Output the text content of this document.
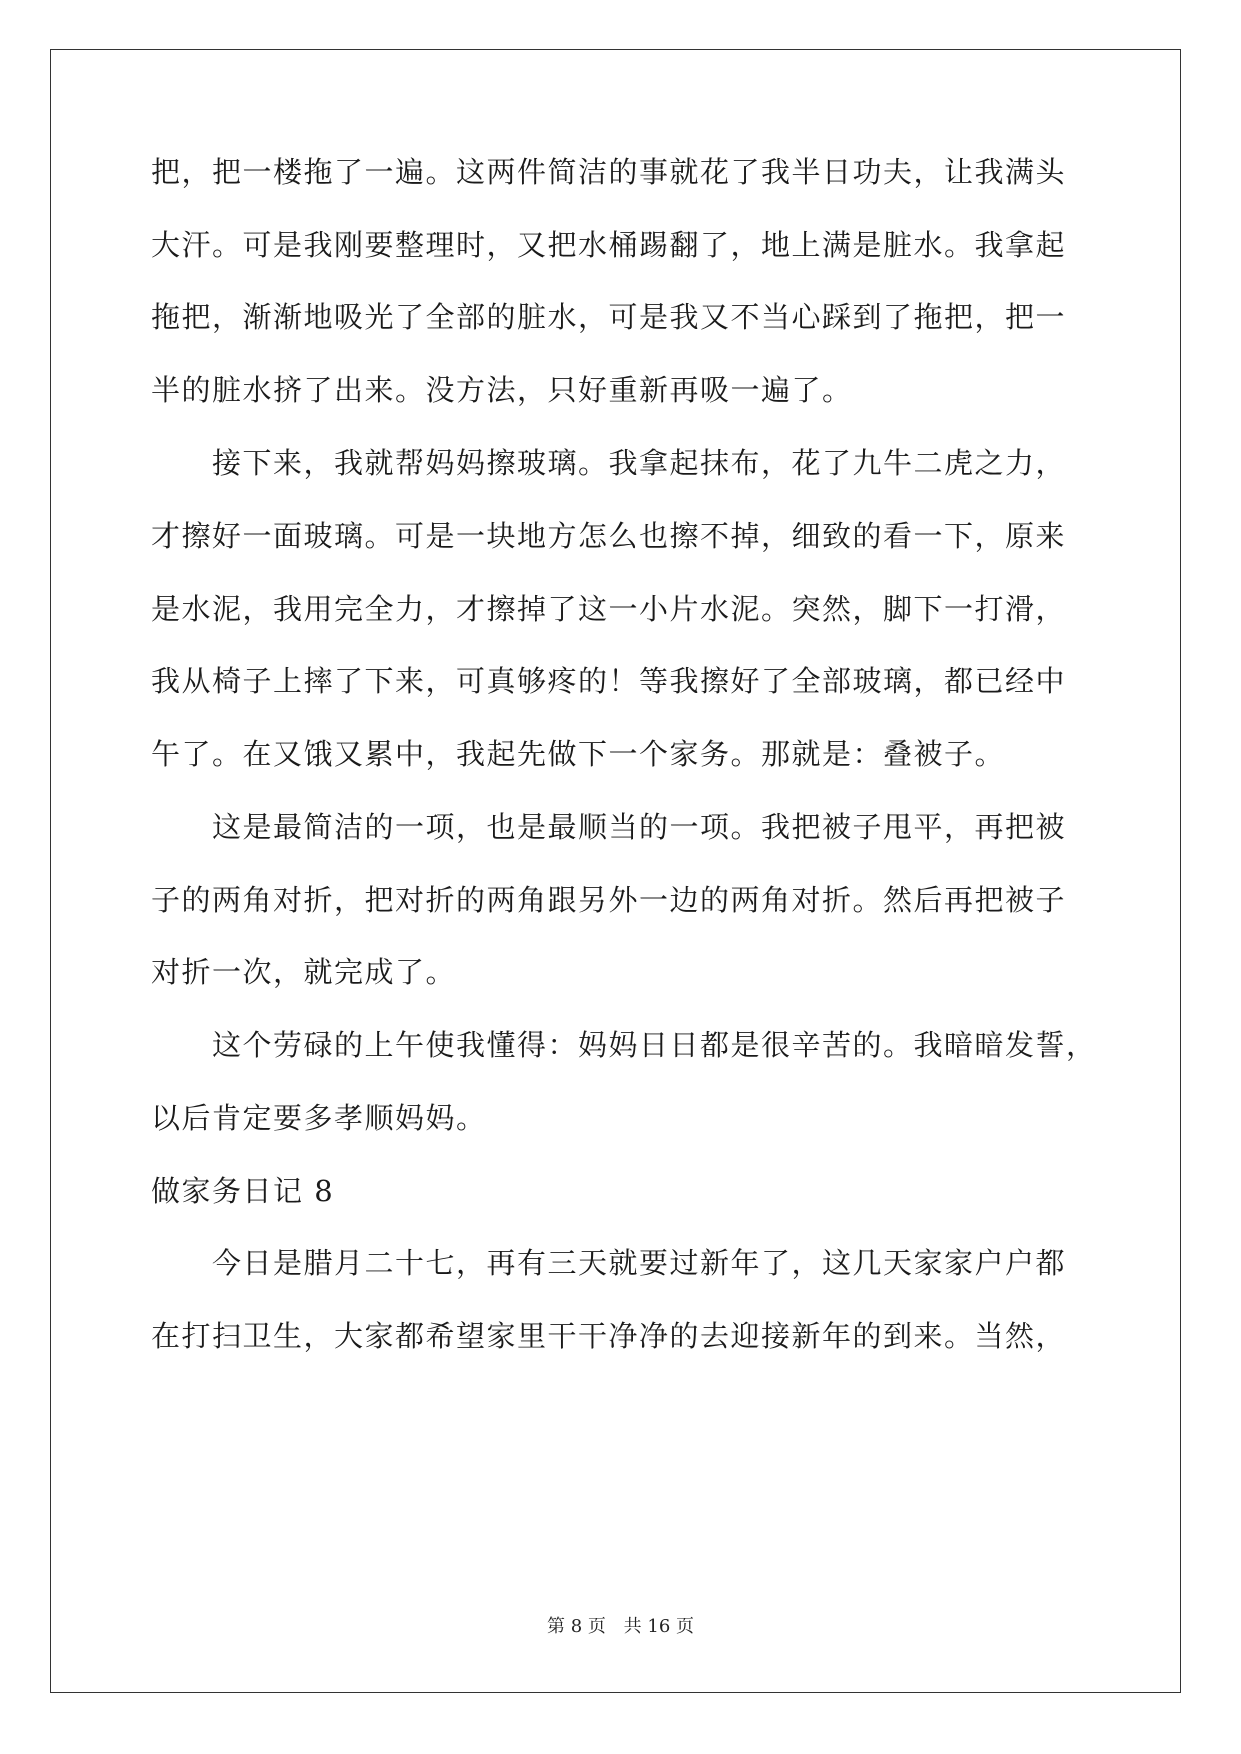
把，把一楼拖了一遍。这两件简洁的事就花了我半日功夫，让我满头
大汗。可是我刚要整理时，又把水桶踢翻了，地上满是脏水。我拿起
拖把，渐渐地吸光了全部的脏水，可是我又不当心踩到了拖把，把一
半的脏水挤了出来。没方法，只好重新再吸一遍了。
接下来，我就帮妈妈擦玻璃。我拿起抹布，花了九牛二虎之力，
才擦好一面玻璃。可是一块地方怎么也擦不掉，细致的看一下，原来
是水泥，我用完全力，才擦掉了这一小片水泥。突然，脚下一打滑，
我从椅子上摔了下来，可真够疼的！等我擦好了全部玻璃，都已经中
午了。在又饿又累中，我起先做下一个家务。那就是：叠被子。
这是最简洁的一项，也是最顺当的一项。我把被子甩平，再把被
子的两角对折，把对折的两角跟另外一边的两角对折。然后再把被子
对折一次，就完成了。
这个劳碌的上午使我懂得：妈妈日日都是很辛苦的。我暗暗发誓，
以后肯定要多孝顺妈妈。
做家务日记 8
今日是腊月二十七，再有三天就要过新年了，这几天家家户户都
在打扫卫生，大家都希望家里干干净净的去迎接新年的到来。当然，
第 8 页 共 16 页
